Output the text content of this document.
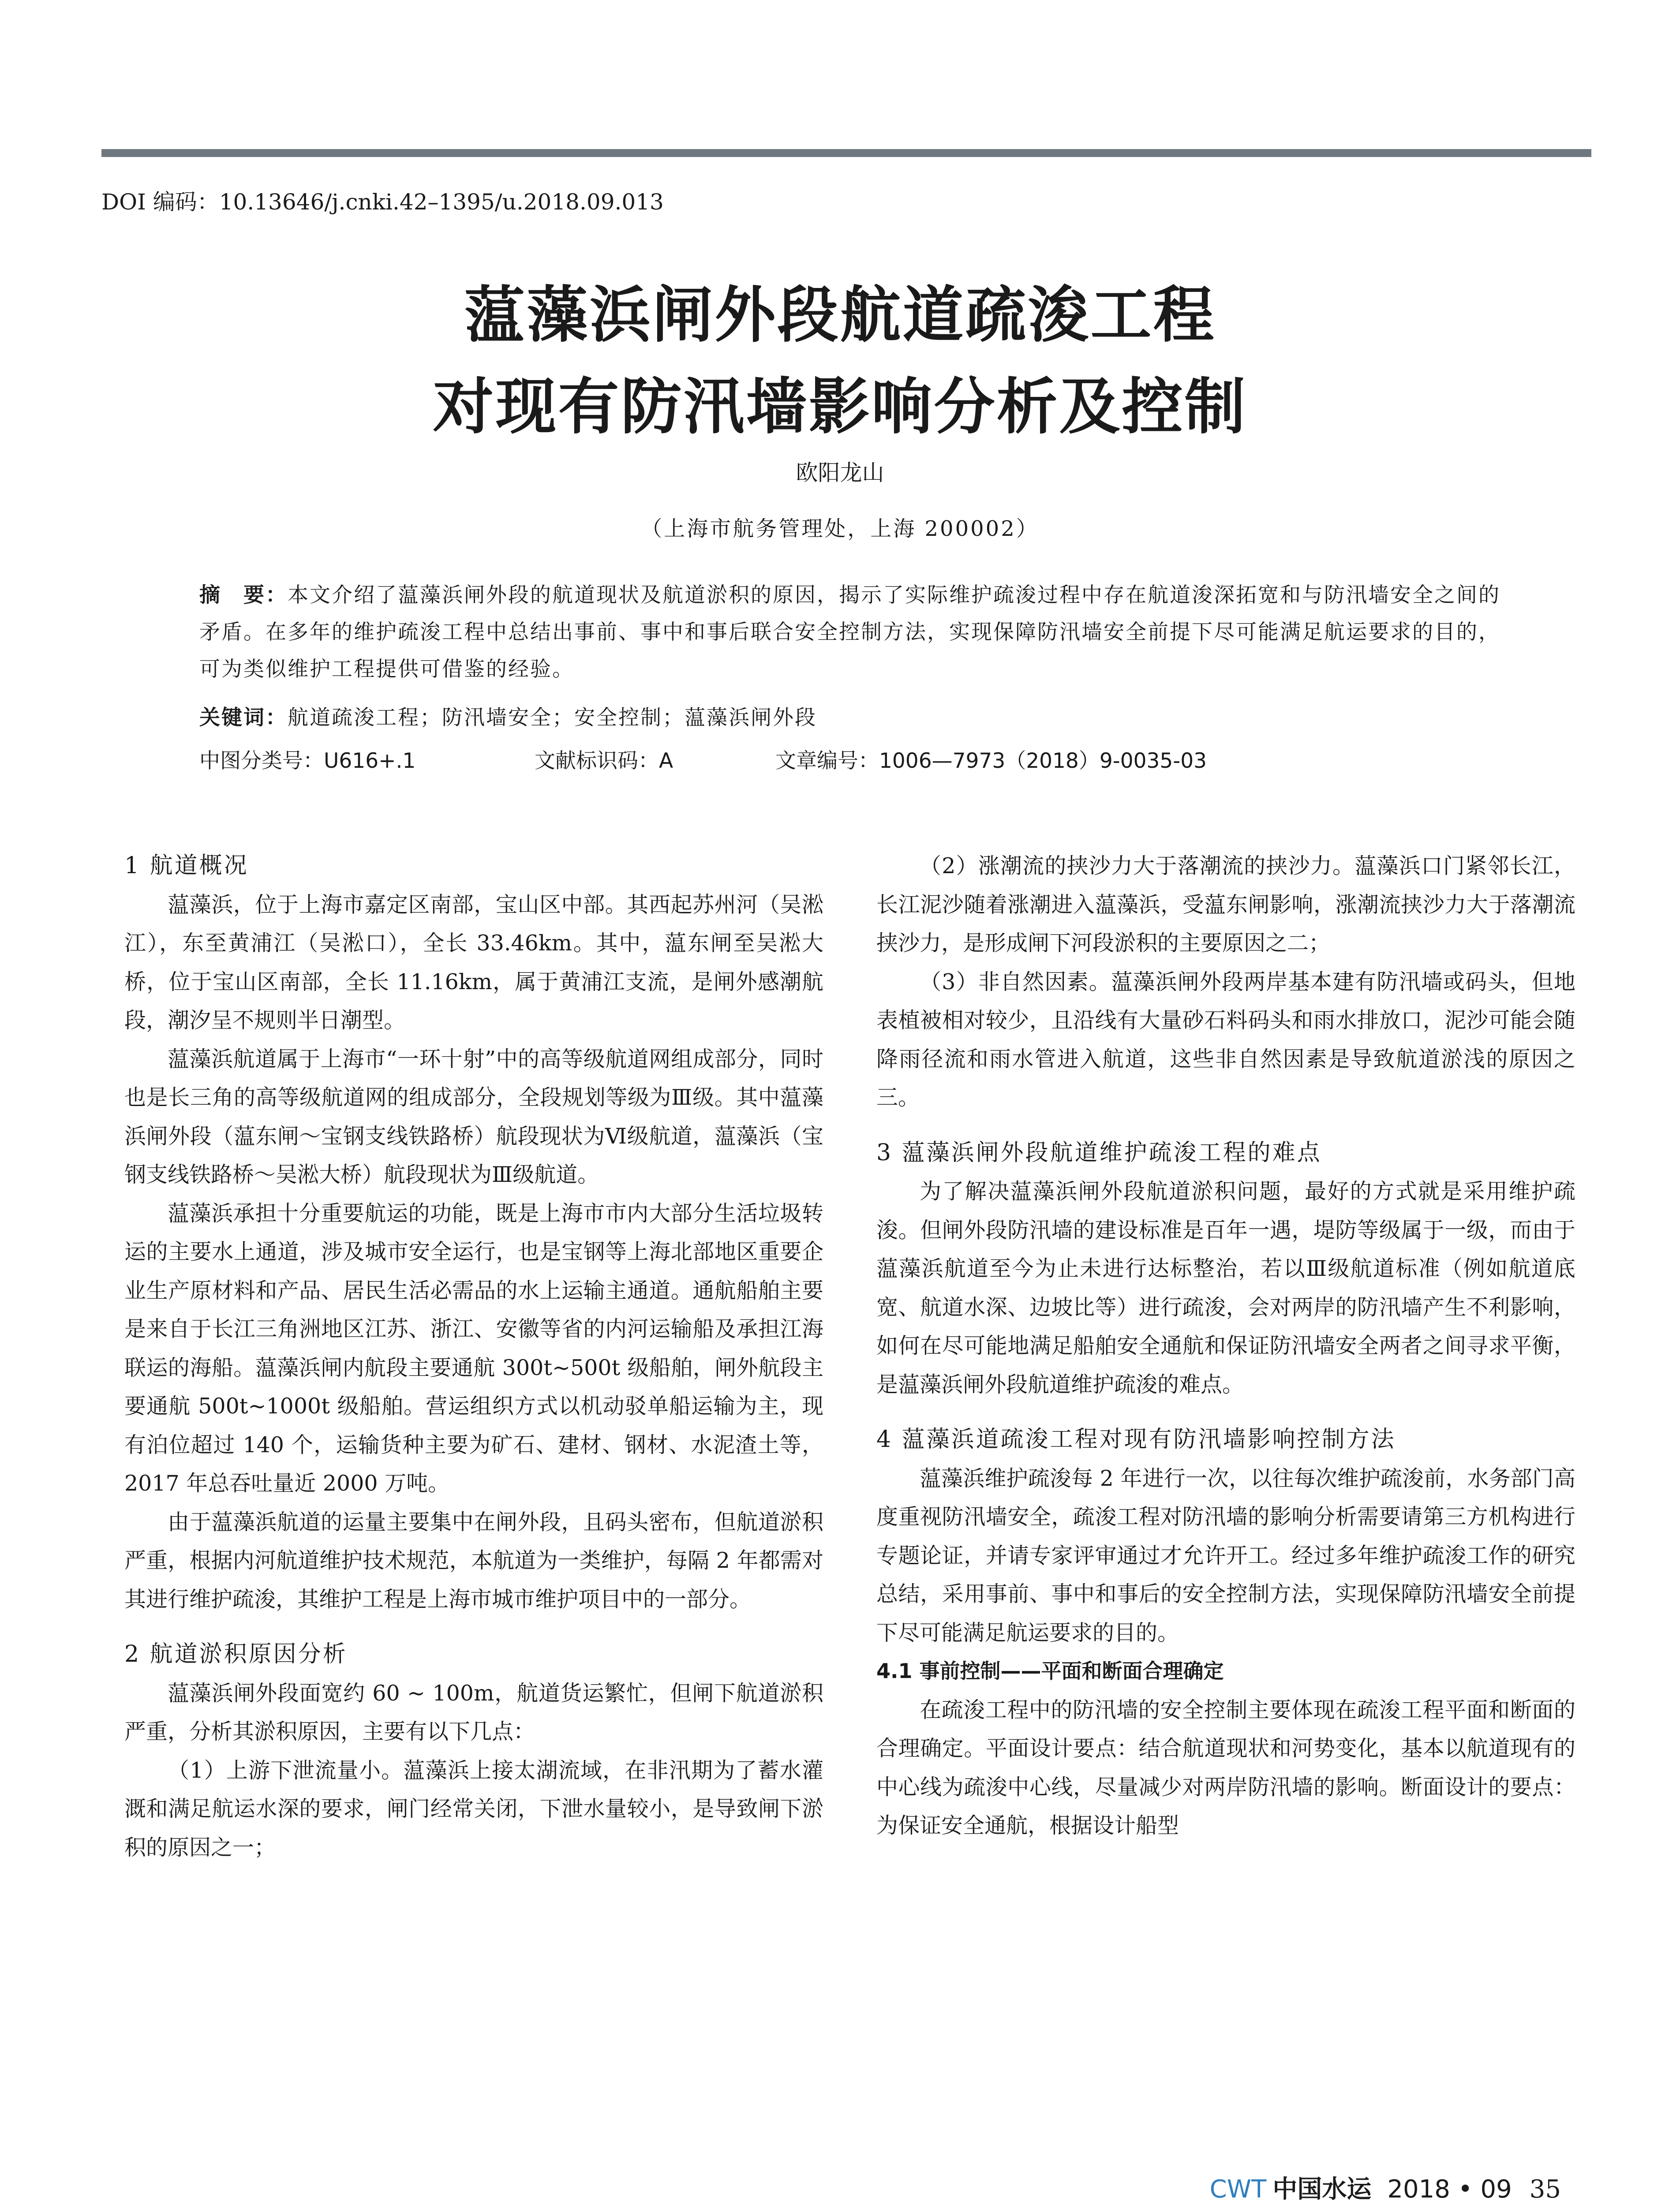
DOI 编码：10.13646/j.cnki.42–1395/u.2018.09.013
蕰藻浜闸外段航道疏浚工程
对现有防汛墙影响分析及控制
欧阳龙山
（上海市航务管理处，上海 200002）

摘　要：本文介绍了蕰藻浜闸外段的航道现状及航道淤积的原因，揭示了实际维护疏浚过程中存在航道浚深拓宽和与防汛墙安全之间的矛盾。在多年的维护疏浚工程中总结出事前、事中和事后联合安全控制方法，实现保障防汛墙安全前提下尽可能满足航运要求的目的，可为类似维护工程提供可借鉴的经验。

关键词：航道疏浚工程；防汛墙安全；安全控制；蕰藻浜闸外段
中图分类号：U616+.1	文献标识码：A	文章编号：1006—7973（2018）9-0035-03
1 航道概况

蕰藻浜，位于上海市嘉定区南部，宝山区中部。其西起苏州河（吴淞江），东至黄浦江（吴淞口），全长 33.46km。其中，蕰东闸至吴淞大桥，位于宝山区南部，全长 11.16km，属于黄浦江支流，是闸外感潮航段，潮汐呈不规则半日潮型。

蕰藻浜航道属于上海市“一环十射”中的高等级航道网组成部分，同时也是长三角的高等级航道网的组成部分，全段规划等级为Ⅲ级。其中蕰藻浜闸外段（蕰东闸～宝钢支线铁路桥）航段现状为Ⅵ级航道，蕰藻浜（宝钢支线铁路桥～吴淞大桥）航段现状为Ⅲ级航道。

蕰藻浜承担十分重要航运的功能，既是上海市市内大部分生活垃圾转运的主要水上通道，涉及城市安全运行，也是宝钢等上海北部地区重要企业生产原材料和产品、居民生活必需品的水上运输主通道。通航船舶主要是来自于长江三角洲地区江苏、浙江、安徽等省的内河运输船及承担江海联运的海船。蕰藻浜闸内航段主要通航 300t~500t 级船舶，闸外航段主要通航 500t~1000t 级船舶。营运组织方式以机动驳单船运输为主，现有泊位超过 140 个，运输货种主要为矿石、建材、钢材、水泥渣土等，2017 年总吞吐量近 2000 万吨。

由于蕰藻浜航道的运量主要集中在闸外段，且码头密布，但航道淤积严重，根据内河航道维护技术规范，本航道为一类维护，每隔 2 年都需对其进行维护疏浚，其维护工程是上海市城市维护项目中的一部分。

2 航道淤积原因分析

蕰藻浜闸外段面宽约 60 ~ 100m，航道货运繁忙，但闸下航道淤积严重，分析其淤积原因，主要有以下几点：

（1）上游下泄流量小。蕰藻浜上接太湖流域，在非汛期为了蓄水灌溉和满足航运水深的要求，闸门经常关闭，下泄水量较小，是导致闸下淤积的原因之一；

（2）涨潮流的挟沙力大于落潮流的挟沙力。蕰藻浜口门紧邻长江，长江泥沙随着涨潮进入蕰藻浜，受蕰东闸影响，涨潮流挟沙力大于落潮流挟沙力，是形成闸下河段淤积的主要原因之二；

（3）非自然因素。蕰藻浜闸外段两岸基本建有防汛墙或码头，但地表植被相对较少，且沿线有大量砂石料码头和雨水排放口，泥沙可能会随降雨径流和雨水管进入航道，这些非自然因素是导致航道淤浅的原因之三。

3 蕰藻浜闸外段航道维护疏浚工程的难点

为了解决蕰藻浜闸外段航道淤积问题，最好的方式就是采用维护疏浚。但闸外段防汛墙的建设标准是百年一遇，堤防等级属于一级，而由于蕰藻浜航道至今为止未进行达标整治，若以Ⅲ级航道标准（例如航道底宽、航道水深、边坡比等）进行疏浚，会对两岸的防汛墙产生不利影响，如何在尽可能地满足船舶安全通航和保证防汛墙安全两者之间寻求平衡，是蕰藻浜闸外段航道维护疏浚的难点。

4 蕰藻浜道疏浚工程对现有防汛墙影响控制方法

蕰藻浜维护疏浚每 2 年进行一次，以往每次维护疏浚前，水务部门高度重视防汛墙安全，疏浚工程对防汛墙的影响分析需要请第三方机构进行专题论证，并请专家评审通过才允许开工。经过多年维护疏浚工作的研究总结，采用事前、事中和事后的安全控制方法，实现保障防汛墙安全前提下尽可能满足航运要求的目的。

4.1 事前控制——平面和断面合理确定

在疏浚工程中的防汛墙的安全控制主要体现在疏浚工程平面和断面的合理确定。平面设计要点：结合航道现状和河势变化，基本以航道现有的中心线为疏浚中心线，尽量减少对两岸防汛墙的影响。断面设计的要点：为保证安全通航，根据设计船型

CWT 中国水运 2018 • 09 35
